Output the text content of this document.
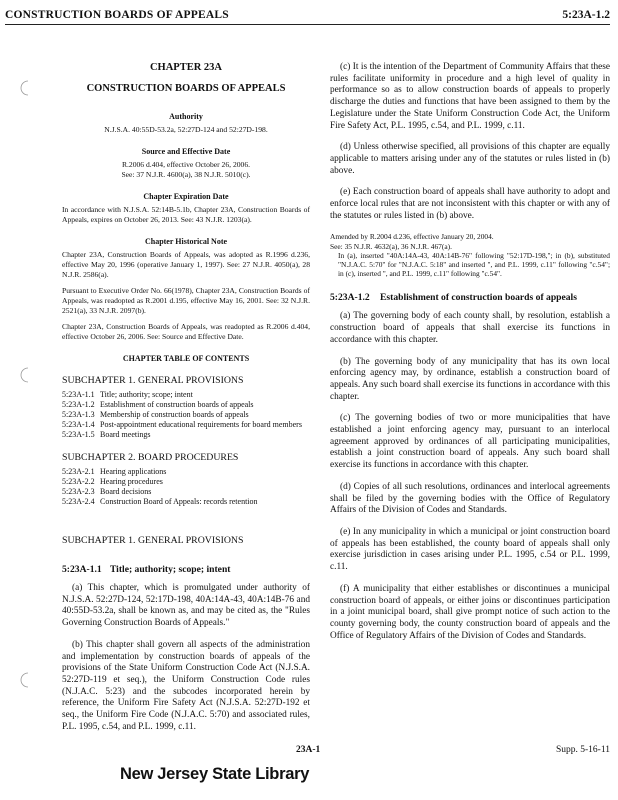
CONSTRUCTION BOARDS OF APPEALS	5:23A-1.2
CHAPTER 23A
CONSTRUCTION BOARDS OF APPEALS
Authority

N.J.S.A. 40:55D-53.2a, 52:27D-124 and 52:27D-198.

Source and Effective Date

R.2006 d.404, effective October 26, 2006.

See: 37 N.J.R. 4600(a), 38 N.J.R. 5010(c).

Chapter Expiration Date

In accordance with N.J.S.A. 52:14B-5.1b, Chapter 23A, Construction Boards of Appeals, expires on October 26, 2013. See: 43 N.J.R. 1203(a).

Chapter Historical Note

Chapter 23A, Construction Boards of Appeals, was adopted as R.1996 d.236, effective May 20, 1996 (operative January 1, 1997). See: 27 N.J.R. 4050(a), 28 N.J.R. 2586(a).

Pursuant to Executive Order No. 66(1978), Chapter 23A, Construction Boards of Appeals, was readopted as R.2001 d.195, effective May 16, 2001. See: 32 N.J.R. 2521(a), 33 N.J.R. 2097(b).

Chapter 23A, Construction Boards of Appeals, was readopted as R.2006 d.404, effective October 26, 2006. See: Source and Effective Date.

CHAPTER TABLE OF CONTENTS
SUBCHAPTER 1. GENERAL PROVISIONS
5:23A-1.1 Title; authority; scope; intent
5:23A-1.2 Establishment of construction boards of appeals
5:23A-1.3 Membership of construction boards of appeals
5:23A-1.4 Post-appointment educational requirements for board members
5:23A-1.5 Board meetings
SUBCHAPTER 2. BOARD PROCEDURES
5:23A-2.1 Hearing applications
5:23A-2.2 Hearing procedures
5:23A-2.3 Board decisions
5:23A-2.4 Construction Board of Appeals: records retention
SUBCHAPTER 1. GENERAL PROVISIONS
5:23A-1.1 Title; authority; scope; intent

(a) This chapter, which is promulgated under authority of N.J.S.A. 52:27D-124, 52:17D-198, 40A:14A-43, 40A:14B-76 and 40:55D-53.2a, shall be known as, and may be cited as, the "Rules Governing Construction Boards of Appeals."

(b) This chapter shall govern all aspects of the administration and implementation by construction boards of appeals of the provisions of the State Uniform Construction Code Act (N.J.S.A. 52:27D-119 et seq.), the Uniform Construction Code rules (N.J.A.C. 5:23) and the subcodes incorporated herein by reference, the Uniform Fire Safety Act (N.J.S.A. 52:27D-192 et seq., the Uniform Fire Code (N.J.A.C. 5:70) and associated rules, P.L. 1995, c.54, and P.L. 1999, c.11.

(c) It is the intention of the Department of Community Affairs that these rules facilitate uniformity in procedure and a high level of quality in performance so as to allow construction boards of appeals to properly discharge the duties and functions that have been assigned to them by the Legislature under the State Uniform Construction Code Act, the Uniform Fire Safety Act, P.L. 1995, c.54, and P.L. 1999, c.11.

(d) Unless otherwise specified, all provisions of this chapter are equally applicable to matters arising under any of the statutes or rules listed in (b) above.

(e) Each construction board of appeals shall have authority to adopt and enforce local rules that are not inconsistent with this chapter or with any of the statutes or rules listed in (b) above.

Amended by R.2004 d.236, effective January 20, 2004.
See: 35 N.J.R. 4632(a), 36 N.J.R. 467(a).
In (a), inserted "40A:14A-43, 40A:14B-76" following "52:17D-198,"; in (b), substituted "N.J.A.C. 5:70" for "N.J.A.C. 5:18" and inserted ", and P.L. 1999, c.11" following "c.54"; in (c), inserted ", and P.L. 1999, c.11" following "c.54".
5:23A-1.2	Establishment of construction boards of appeals

(a) The governing body of each county shall, by resolution, establish a construction board of appeals that shall exercise its functions in accordance with this chapter.

(b) The governing body of any municipality that has its own local enforcing agency may, by ordinance, establish a construction board of appeals. Any such board shall exercise its functions in accordance with this chapter.

(c) The governing bodies of two or more municipalities that have established a joint enforcing agency may, pursuant to an interlocal agreement approved by ordinances of all participating municipalities, establish a joint construction board of appeals. Any such board shall exercise its functions in accordance with this chapter.

(d) Copies of all such resolutions, ordinances and interlocal agreements shall be filed by the governing bodies with the Office of Regulatory Affairs of the Division of Codes and Standards.

(e) In any municipality in which a municipal or joint construction board of appeals has been established, the county board of appeals shall only exercise jurisdiction in cases arising under P.L. 1995, c.54 or P.L. 1999, c.11.

(f) A municipality that either establishes or discontinues a municipal construction board of appeals, or either joins or discontinues participation in a joint municipal board, shall give prompt notice of such action to the county governing body, the county construction board of appeals and the Office of Regulatory Affairs of the Division of Codes and Standards.

23A-1	Supp. 5-16-11
New Jersey State Library
